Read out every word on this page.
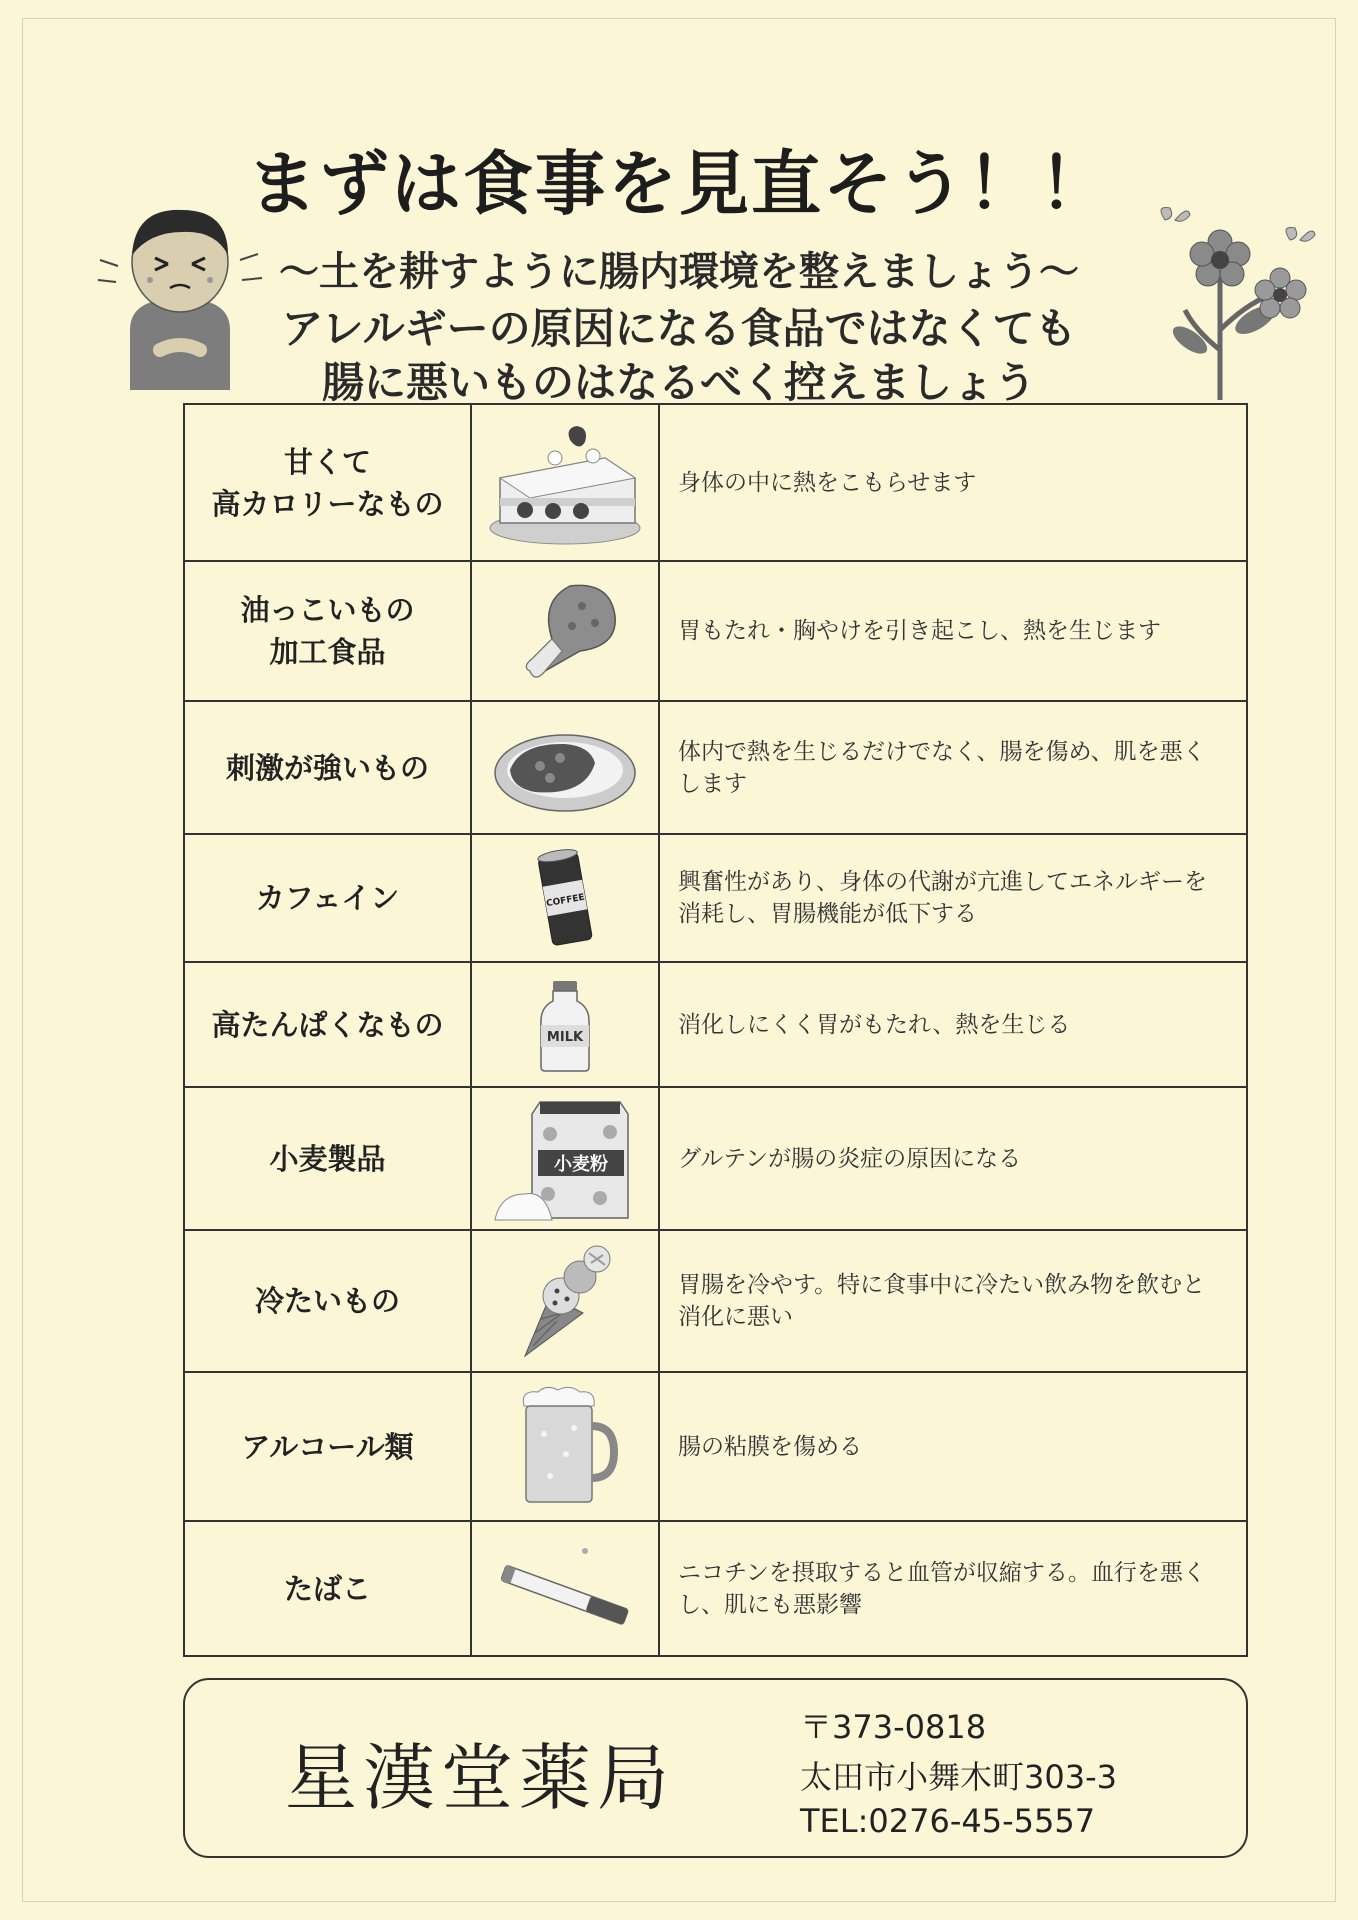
まずは食事を見直そう！！
〜土を耕すように腸内環境を整えましょう〜
アレルギーの原因になる食品ではなくても
腸に悪いものはなるべく控えましょう
甘くて
高カロリーなもの		身体の中に熱をこもらせます
油っこいもの
加工食品		胃もたれ・胸やけを引き起こし、熱を生じます
刺激が強いもの		体内で熱を生じるだけでなく、腸を傷め、肌を悪く
します
カフェイン	COFFEE	興奮性があり、身体の代謝が亢進してエネルギーを
消耗し、胃腸機能が低下する
高たんぱくなもの	MILK	消化しにくく胃がもたれ、熱を生じる
小麦製品	小麦粉	グルテンが腸の炎症の原因になる
冷たいもの		胃腸を冷やす。特に食事中に冷たい飲み物を飲むと
消化に悪い
アルコール類		腸の粘膜を傷める
たばこ		ニコチンを摂取すると血管が収縮する。血行を悪く
し、肌にも悪影響
星漢堂薬局
〒373-0818
太田市小舞木町303-3
TEL:0276-45-5557
